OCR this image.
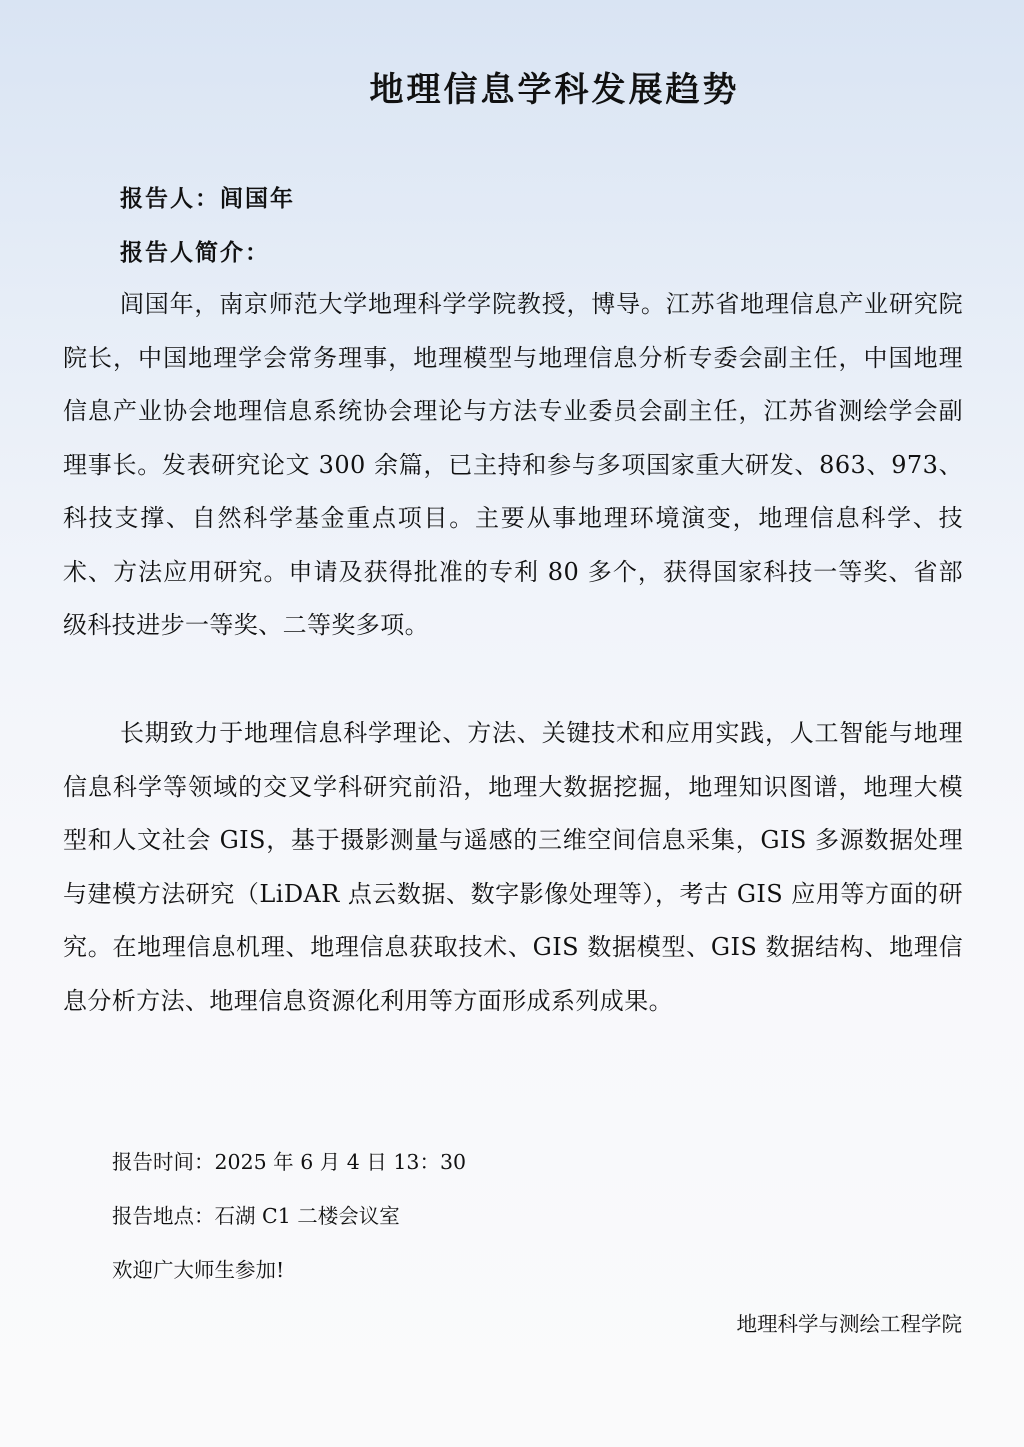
地理信息学科发展趋势
报告人：闾国年
报告人简介：

闾国年，南京师范大学地理科学学院教授，博导。江苏省地理信息产业研究院院长，中国地理学会常务理事，地理模型与地理信息分析专委会副主任，中国地理信息产业协会地理信息系统协会理论与方法专业委员会副主任，江苏省测绘学会副理事长。发表研究论文 300 余篇，已主持和参与多项国家重大研发、863、973、科技支撑、自然科学基金重点项目。主要从事地理环境演变，地理信息科学、技术、方法应用研究。申请及获得批准的专利 80 多个，获得国家科技一等奖、省部级科技进步一等奖、二等奖多项。

长期致力于地理信息科学理论、方法、关键技术和应用实践，人工智能与地理信息科学等领域的交叉学科研究前沿，地理大数据挖掘，地理知识图谱，地理大模型和人文社会 GIS，基于摄影测量与遥感的三维空间信息采集，GIS 多源数据处理与建模方法研究（LiDAR 点云数据、数字影像处理等），考古 GIS 应用等方面的研究。在地理信息机理、地理信息获取技术、GIS 数据模型、GIS 数据结构、地理信息分析方法、地理信息资源化利用等方面形成系列成果。

报告时间：2025 年 6 月 4 日 13：30
报告地点：石湖 C1 二楼会议室
欢迎广大师生参加!
地理科学与测绘工程学院
